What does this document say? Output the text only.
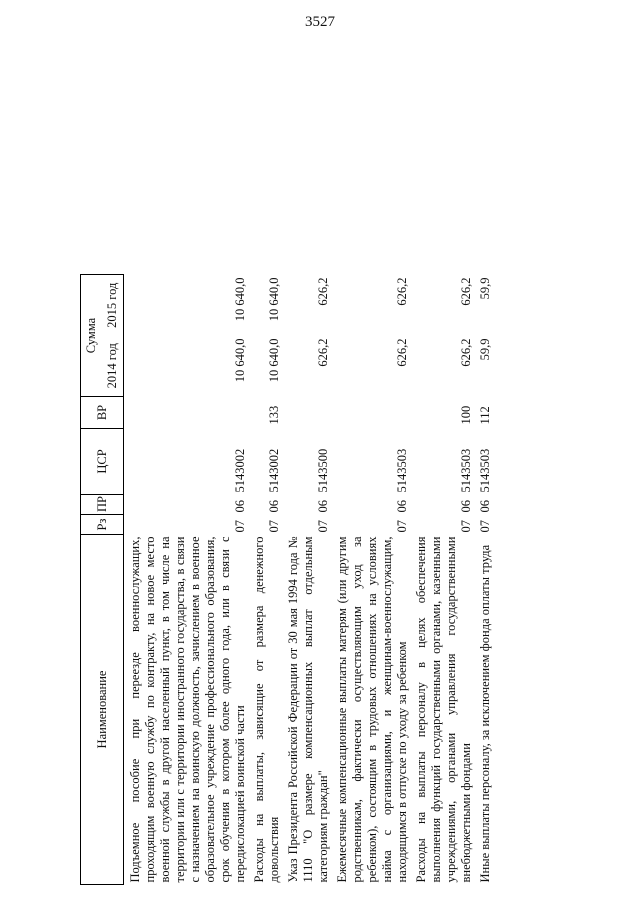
3527
Наименование	Рз	ПР	ЦСР	ВР	Сумма	
					2014 год	2015 год
Подъемное пособие при переезде военнослужащих, проходящим военную службу по контракту, на новое место военной службы в другой населенный пункт, в том числе на территории или с территории иностранного государства, в связи с назначением на воинскую должность, зачислением в военное образовательное учреждение профессионального образования, срок обучения в котором более одного года, или в связи с передислокацией воинской части	07	06	5143002		10 640,0	10 640,0
Расходы на выплаты, зависящие от размера денежного довольствия	07	06	5143002	133	10 640,0	10 640,0
Указ Президента Российской Федерации от 30 мая 1994 года № 1110 "О размере компенсационных выплат отдельным категориям граждан"	07	06	5143500		626,2	626,2
Ежемесячные компенсационные выплаты матерям (или другим родственникам, фактически осуществляющим уход за ребенком), состоящим в трудовых отношениях на условиях найма с организациями, и женщинам-военнослужащим, находящимся в отпуске по уходу за ребенком	07	06	5143503		626,2	626,2
Расходы на выплаты персоналу в целях обеспечения выполнения функций государственными органами, казенными учреждениями, органами управления государственными внебюджетными фондами	07	06	5143503	100	626,2	626,2
Иные выплаты персоналу, за исключением фонда оплаты труда	07	06	5143503	112	59,9	59,9
